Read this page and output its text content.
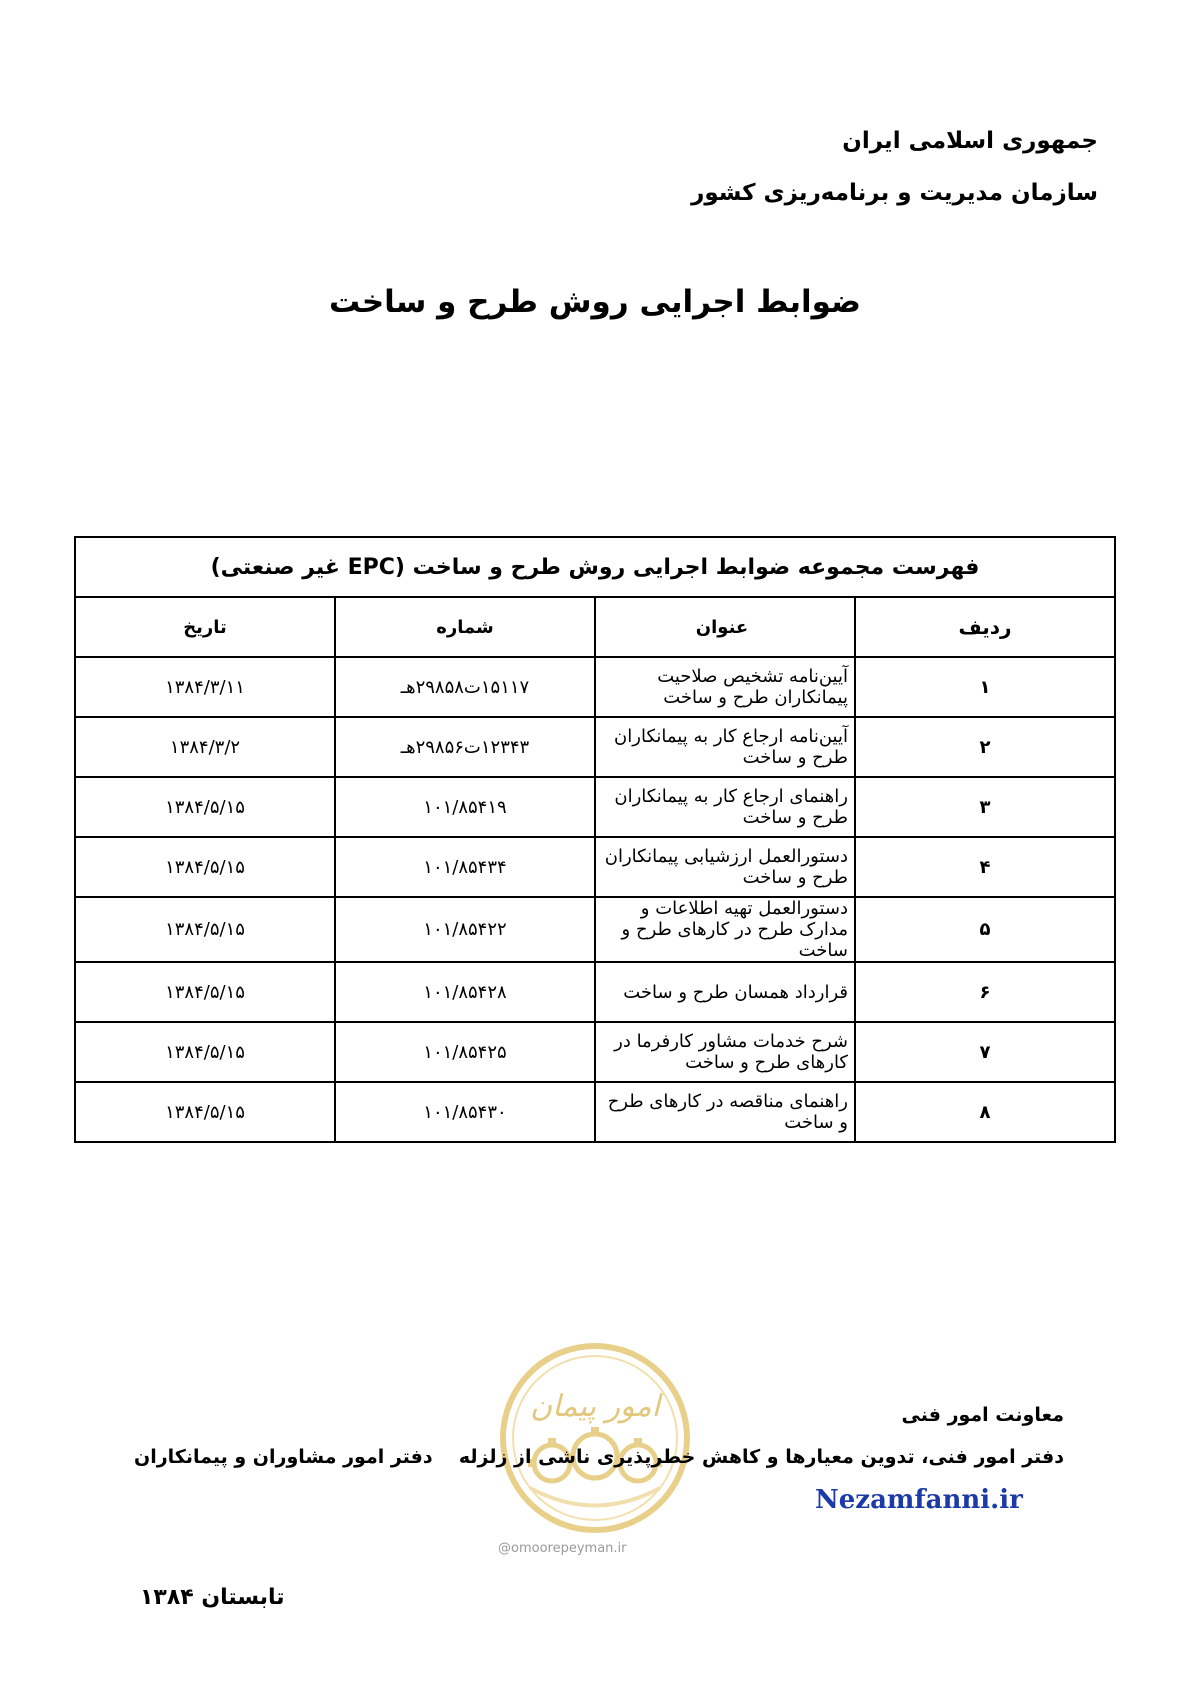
جمهوری اسلامی ایران
سازمان مدیریت و برنامه‌ریزی کشور
ضوابط اجرایی روش طرح و ساخت
فهرست مجموعه ضوابط اجرایی روش طرح و ساخت (EPC غیر صنعتی)			
ردیف	عنوان	شماره	تاریخ
۱	آیین‌نامه تشخیص صلاحیت پیمانکاران طرح و ساخت	۱۵۱۱۷ت۲۹۸۵۸هـ	۱۳۸۴/۳/۱۱
۲	آیین‌نامه ارجاع کار به پیمانکاران طرح و ساخت	۱۲۳۴۳ت۲۹۸۵۶هـ	۱۳۸۴/۳/۲
۳	راهنمای ارجاع کار به پیمانکاران طرح و ساخت	۱۰۱/۸۵۴۱۹	۱۳۸۴/۵/۱۵
۴	دستورالعمل ارزشیابی پیمانکاران طرح و ساخت	۱۰۱/۸۵۴۳۴	۱۳۸۴/۵/۱۵
۵	دستورالعمل تهیه اطلاعات و مدارک طرح در کارهای طرح و ساخت	۱۰۱/۸۵۴۲۲	۱۳۸۴/۵/۱۵
۶	قرارداد همسان طرح و ساخت	۱۰۱/۸۵۴۲۸	۱۳۸۴/۵/۱۵
۷	شرح خدمات مشاور کارفرما در کارهای طرح و ساخت	۱۰۱/۸۵۴۲۵	۱۳۸۴/۵/۱۵
۸	راهنمای مناقصه در کارهای طرح و ساخت	۱۰۱/۸۵۴۳۰	۱۳۸۴/۵/۱۵
امور پیمان
@omoorepeyman.ir
معاونت امور فنی
دفتر امور فنی، تدوین معیارها و کاهش خطرپذیری ناشی از زلزله
دفتر امور مشاوران و پیمانکاران
Nezamfanni.ir
تابستان ۱۳۸۴
